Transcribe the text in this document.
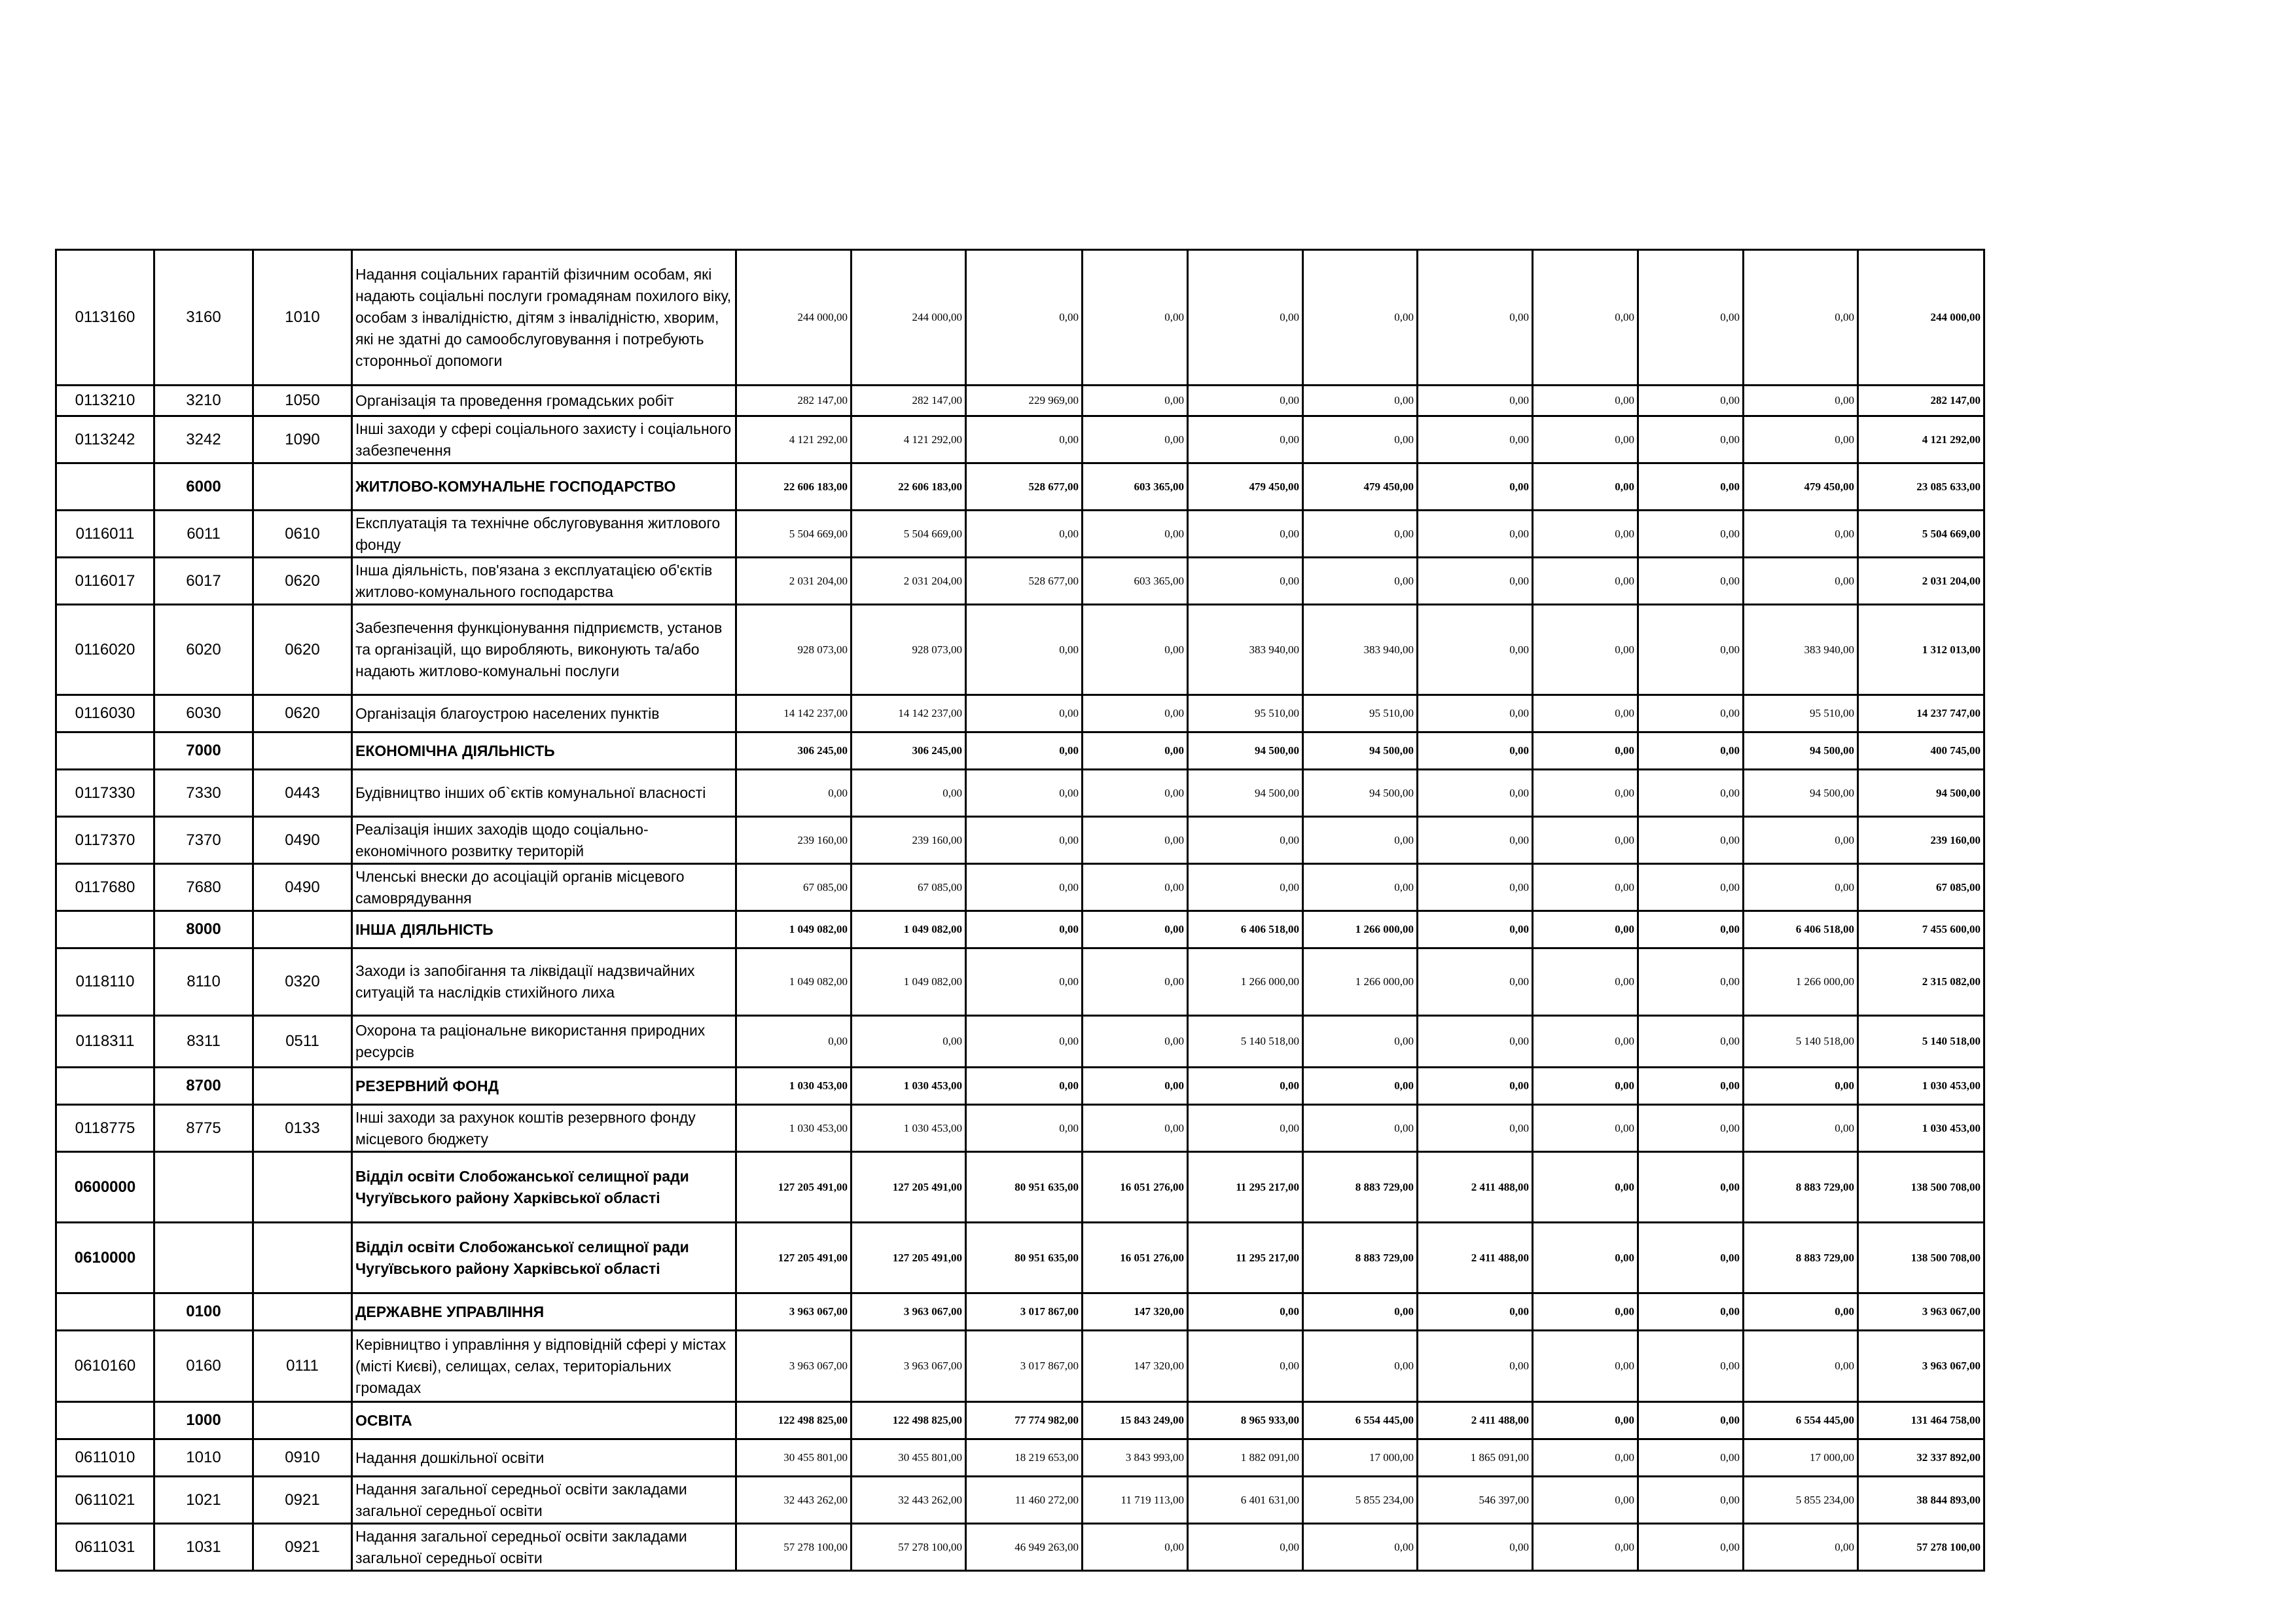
0113160	3160	1010	Надання соціальних гарантій фізичним особам, які надають соціальні послуги громадянам похилого віку, особам з інвалідністю, дітям з інвалідністю, хворим, які не здатні до самообслуговування і потребують сторонньої допомоги	244 000,00	244 000,00	0,00	0,00	0,00	0,00	0,00	0,00	0,00	0,00	244 000,00
0113210	3210	1050	Організація та проведення громадських робіт	282 147,00	282 147,00	229 969,00	0,00	0,00	0,00	0,00	0,00	0,00	0,00	282 147,00
0113242	3242	1090	Інші заходи у сфері соціального захисту і соціального забезпечення	4 121 292,00	4 121 292,00	0,00	0,00	0,00	0,00	0,00	0,00	0,00	0,00	4 121 292,00
	6000		ЖИТЛОВО-КОМУНАЛЬНЕ ГОСПОДАРСТВО	22 606 183,00	22 606 183,00	528 677,00	603 365,00	479 450,00	479 450,00	0,00	0,00	0,00	479 450,00	23 085 633,00
0116011	6011	0610	Експлуатація та технічне обслуговування житлового фонду	5 504 669,00	5 504 669,00	0,00	0,00	0,00	0,00	0,00	0,00	0,00	0,00	5 504 669,00
0116017	6017	0620	Інша діяльність, пов'язана з експлуатацією об'єктів житлово-комунального господарства	2 031 204,00	2 031 204,00	528 677,00	603 365,00	0,00	0,00	0,00	0,00	0,00	0,00	2 031 204,00
0116020	6020	0620	Забезпечення функціонування підприємств, установ та організацій, що виробляють, виконують та/або надають житлово-комунальні послуги	928 073,00	928 073,00	0,00	0,00	383 940,00	383 940,00	0,00	0,00	0,00	383 940,00	1 312 013,00
0116030	6030	0620	Організація благоустрою населених пунктів	14 142 237,00	14 142 237,00	0,00	0,00	95 510,00	95 510,00	0,00	0,00	0,00	95 510,00	14 237 747,00
	7000		ЕКОНОМІЧНА ДІЯЛЬНІСТЬ	306 245,00	306 245,00	0,00	0,00	94 500,00	94 500,00	0,00	0,00	0,00	94 500,00	400 745,00
0117330	7330	0443	Будівництво інших об`єктів комунальної власності	0,00	0,00	0,00	0,00	94 500,00	94 500,00	0,00	0,00	0,00	94 500,00	94 500,00
0117370	7370	0490	Реалізація інших заходів щодо соціально-економічного розвитку територій	239 160,00	239 160,00	0,00	0,00	0,00	0,00	0,00	0,00	0,00	0,00	239 160,00
0117680	7680	0490	Членські внески до асоціацій органів місцевого самоврядування	67 085,00	67 085,00	0,00	0,00	0,00	0,00	0,00	0,00	0,00	0,00	67 085,00
	8000		ІНША ДІЯЛЬНІСТЬ	1 049 082,00	1 049 082,00	0,00	0,00	6 406 518,00	1 266 000,00	0,00	0,00	0,00	6 406 518,00	7 455 600,00
0118110	8110	0320	Заходи із запобігання та ліквідації надзвичайних ситуацій та наслідків стихійного лиха	1 049 082,00	1 049 082,00	0,00	0,00	1 266 000,00	1 266 000,00	0,00	0,00	0,00	1 266 000,00	2 315 082,00
0118311	8311	0511	Охорона та раціональне використання природних ресурсів	0,00	0,00	0,00	0,00	5 140 518,00	0,00	0,00	0,00	0,00	5 140 518,00	5 140 518,00
	8700		РЕЗЕРВНИЙ ФОНД	1 030 453,00	1 030 453,00	0,00	0,00	0,00	0,00	0,00	0,00	0,00	0,00	1 030 453,00
0118775	8775	0133	Інші заходи за рахунок коштів резервного фонду місцевого бюджету	1 030 453,00	1 030 453,00	0,00	0,00	0,00	0,00	0,00	0,00	0,00	0,00	1 030 453,00
0600000			Відділ освіти Слобожанської селищної ради Чугуївського району Харківської області	127 205 491,00	127 205 491,00	80 951 635,00	16 051 276,00	11 295 217,00	8 883 729,00	2 411 488,00	0,00	0,00	8 883 729,00	138 500 708,00
0610000			Відділ освіти Слобожанської селищної ради Чугуївського району Харківської області	127 205 491,00	127 205 491,00	80 951 635,00	16 051 276,00	11 295 217,00	8 883 729,00	2 411 488,00	0,00	0,00	8 883 729,00	138 500 708,00
	0100		ДЕРЖАВНЕ УПРАВЛІННЯ	3 963 067,00	3 963 067,00	3 017 867,00	147 320,00	0,00	0,00	0,00	0,00	0,00	0,00	3 963 067,00
0610160	0160	0111	Керівництво і управління у відповідній сфері у містах (місті Києві), селищах, селах, територіальних громадах	3 963 067,00	3 963 067,00	3 017 867,00	147 320,00	0,00	0,00	0,00	0,00	0,00	0,00	3 963 067,00
	1000		ОСВІТА	122 498 825,00	122 498 825,00	77 774 982,00	15 843 249,00	8 965 933,00	6 554 445,00	2 411 488,00	0,00	0,00	6 554 445,00	131 464 758,00
0611010	1010	0910	Надання дошкільної освіти	30 455 801,00	30 455 801,00	18 219 653,00	3 843 993,00	1 882 091,00	17 000,00	1 865 091,00	0,00	0,00	17 000,00	32 337 892,00
0611021	1021	0921	Надання загальної середньої освіти закладами загальної середньої освіти	32 443 262,00	32 443 262,00	11 460 272,00	11 719 113,00	6 401 631,00	5 855 234,00	546 397,00	0,00	0,00	5 855 234,00	38 844 893,00
0611031	1031	0921	Надання загальної середньої освіти закладами загальної середньої освіти	57 278 100,00	57 278 100,00	46 949 263,00	0,00	0,00	0,00	0,00	0,00	0,00	0,00	57 278 100,00
